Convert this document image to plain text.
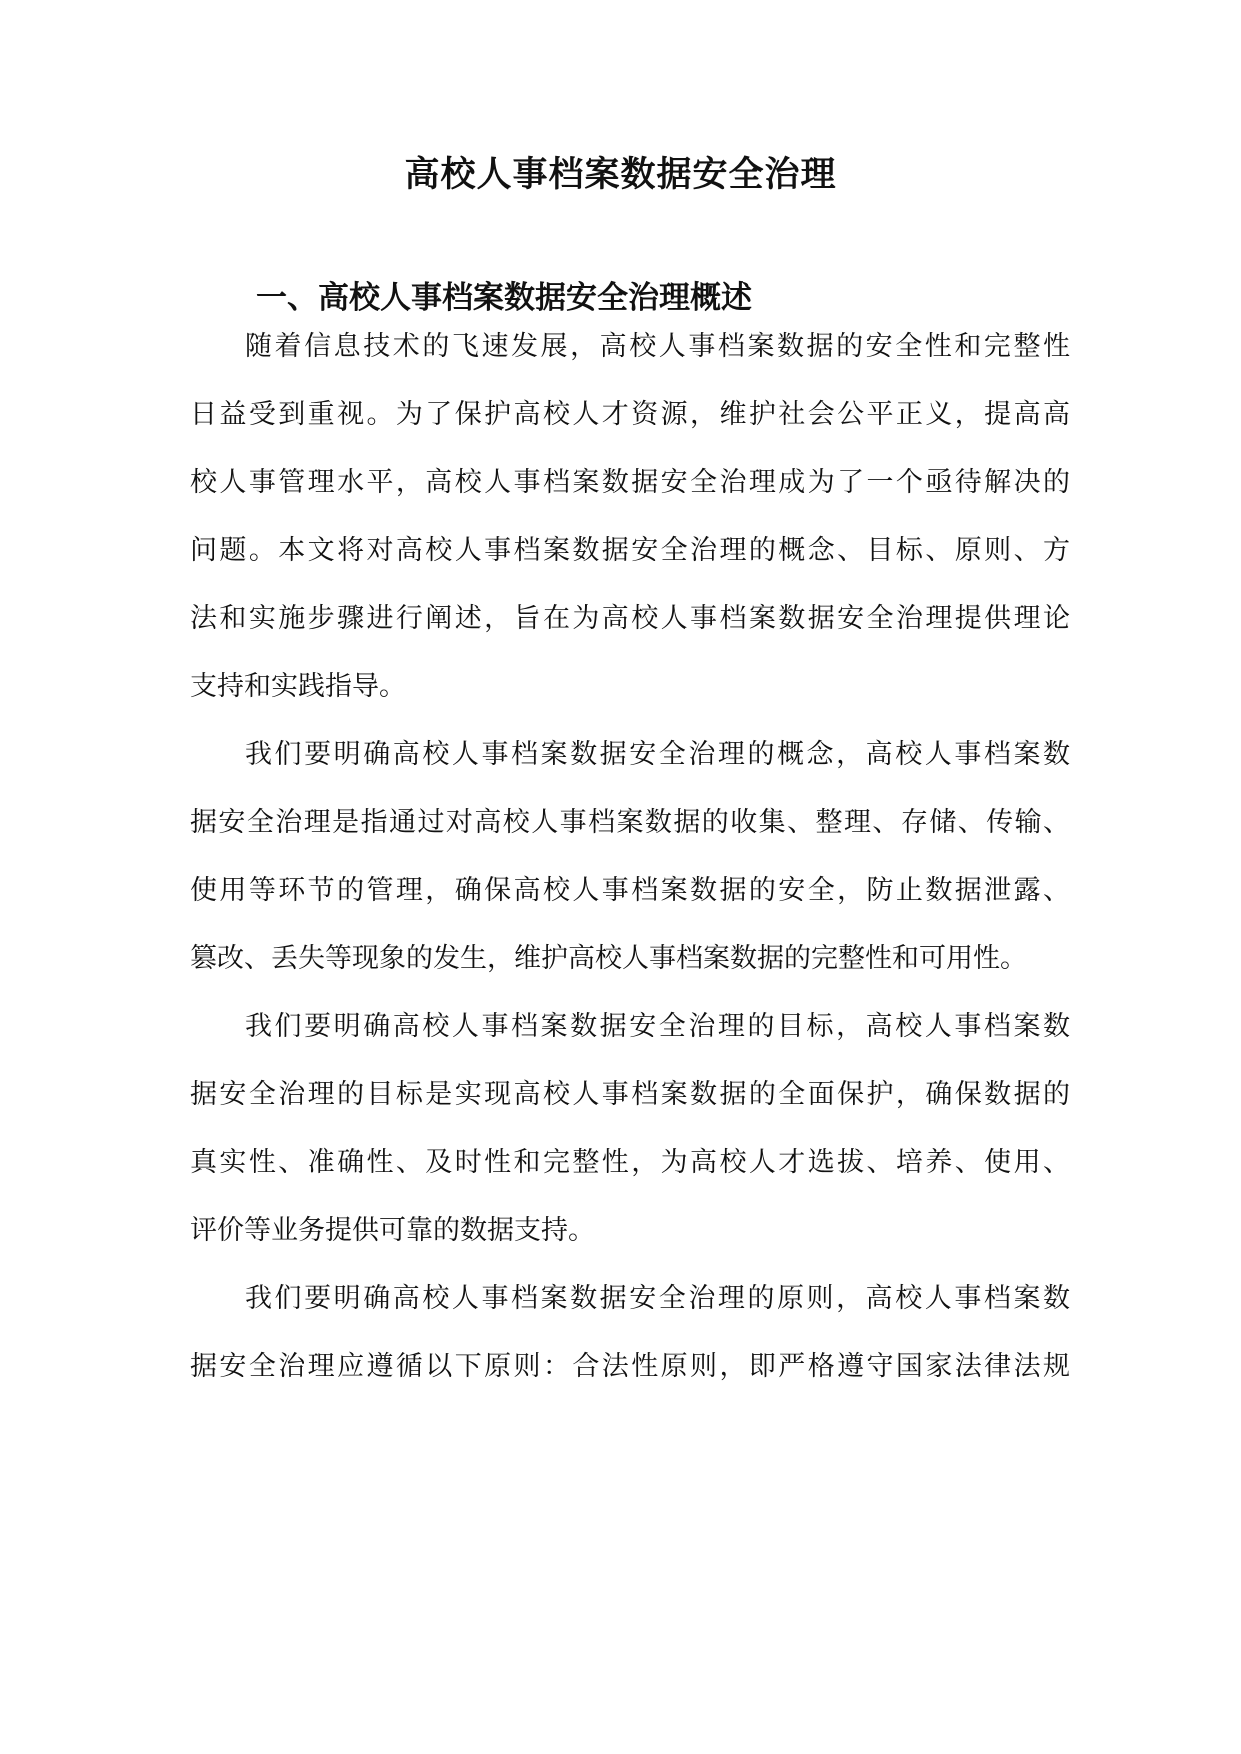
高校人事档案数据安全治理
一、高校人事档案数据安全治理概述
随着信息技术的飞速发展，高校人事档案数据的安全性和完整性
日益受到重视。为了保护高校人才资源，维护社会公平正义，提高高
校人事管理水平，高校人事档案数据安全治理成为了一个亟待解决的
问题。本文将对高校人事档案数据安全治理的概念、目标、原则、方
法和实施步骤进行阐述，旨在为高校人事档案数据安全治理提供理论
支持和实践指导。
我们要明确高校人事档案数据安全治理的概念，高校人事档案数
据安全治理是指通过对高校人事档案数据的收集、整理、存储、传输、
使用等环节的管理，确保高校人事档案数据的安全，防止数据泄露、
篡改、丢失等现象的发生，维护高校人事档案数据的完整性和可用性。
我们要明确高校人事档案数据安全治理的目标，高校人事档案数
据安全治理的目标是实现高校人事档案数据的全面保护，确保数据的
真实性、准确性、及时性和完整性，为高校人才选拔、培养、使用、
评价等业务提供可靠的数据支持。
我们要明确高校人事档案数据安全治理的原则，高校人事档案数
据安全治理应遵循以下原则：合法性原则，即严格遵守国家法律法规
